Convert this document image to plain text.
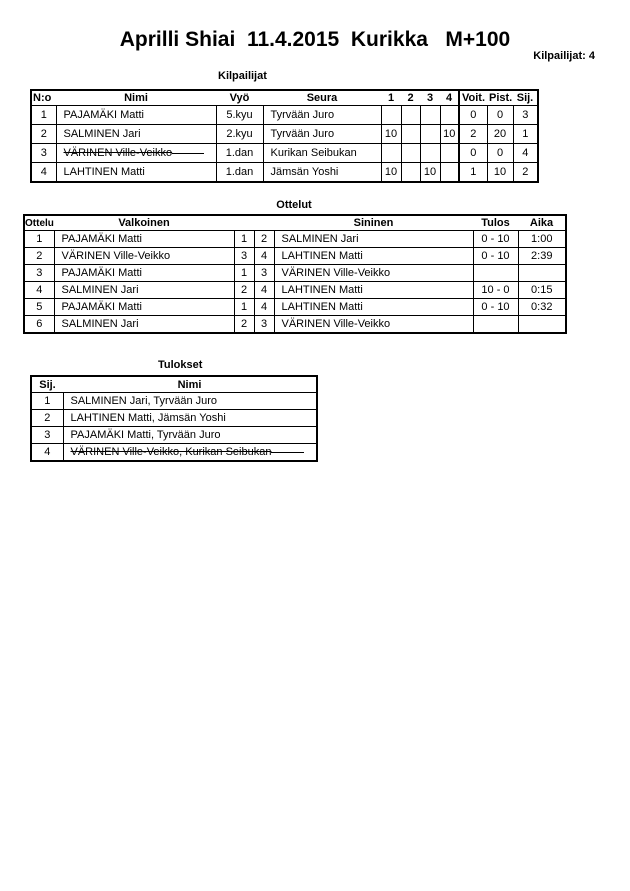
Aprilli Shiai  11.4.2015  Kurikka   M+100
Kilpailijat: 4
Kilpailijat
N:o	Nimi	Vyö	Seura	1	2	3	4	Voit.	Pist.	Sij.
1	PAJAMÄKI Matti	5.kyu	Tyrvään Juro					0	0	3
2	SALMINEN Jari	2.kyu	Tyrvään Juro	10			10	2	20	1
3	VÄRINEN Ville-Veikko	1.dan	Kurikan Seibukan					0	0	4
4	LAHTINEN Matti	1.dan	Jämsän Yoshi	10		10		1	10	2
Ottelut
Ottelu	Valkoinen			Sininen	Tulos	Aika
1	PAJAMÄKI Matti	1	2	SALMINEN Jari	0 - 10	1:00
2	VÄRINEN Ville-Veikko	3	4	LAHTINEN Matti	0 - 10	2:39
3	PAJAMÄKI Matti	1	3	VÄRINEN Ville-Veikko		
4	SALMINEN Jari	2	4	LAHTINEN Matti	10 - 0	0:15
5	PAJAMÄKI Matti	1	4	LAHTINEN Matti	0 - 10	0:32
6	SALMINEN Jari	2	3	VÄRINEN Ville-Veikko		
Tulokset
Sij.	Nimi
1	SALMINEN Jari, Tyrvään Juro
2	LAHTINEN Matti, Jämsän Yoshi
3	PAJAMÄKI Matti, Tyrvään Juro
4	VÄRINEN Ville-Veikko, Kurikan Seibukan
